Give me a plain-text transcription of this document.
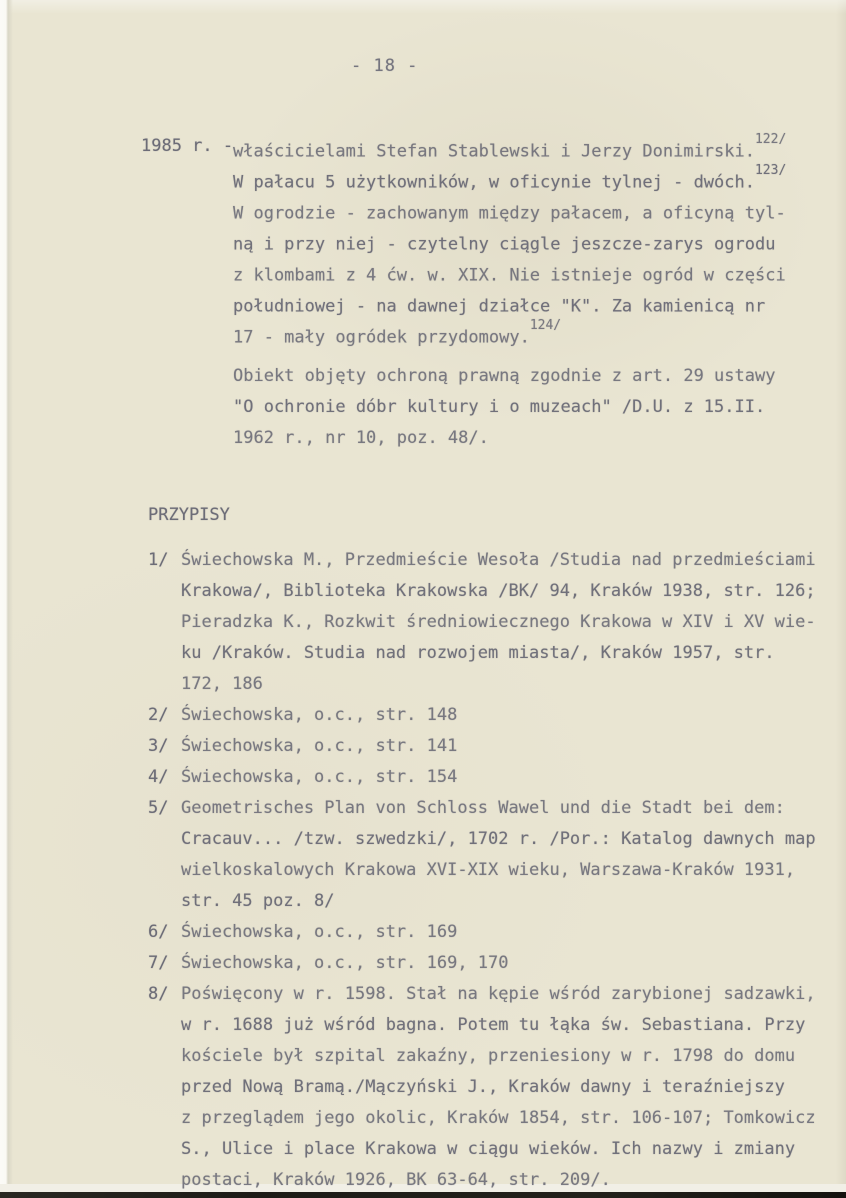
- 18 -
1985 r. - właścicielami Stefan Stablewski i Jerzy Donimirski.$^{122/}$
W pałacu 5 użytkowników, w oficynie tylnej - dwóch.$^{123/}$
W ogrodzie - zachowanym między pałacem, a oficyną tyl-
ną i przy niej - czytelny ciągle jeszcze-zarys ogrodu
z klombami z 4 ćw. w. XIX. Nie istnieje ogród w części
południowej - na dawnej działce "K". Za kamienicą nr
17 - mały ogródek przydomowy.$^{124/}$
Obiekt objęty ochroną prawną zgodnie z art. 29 ustawy
"O ochronie dóbr kultury i o muzeach" /D.U. z 15.II.
1962 r., nr 10, poz. 48/.
PRZYPISY
1/ Świechowska M., Przedmieście Wesoła /Studia nad przedmieściami
Krakowa/, Biblioteka Krakowska /BK/ 94, Kraków 1938, str. 126;
Pieradzka K., Rozkwit średniowiecznego Krakowa w XIV i XV wie-
ku /Kraków. Studia nad rozwojem miasta/, Kraków 1957, str.
172, 186
2/ Świechowska, o.c., str. 148
3/ Świechowska, o.c., str. 141
4/ Świechowska, o.c., str. 154
5/ Geometrisches Plan von Schloss Wawel und die Stadt bei dem:
Cracauv... /tzw. szwedzki/, 1702 r. /Por.: Katalog dawnych map
wielkoskalowych Krakowa XVI-XIX wieku, Warszawa-Kraków 1931,
str. 45 poz. 8/
6/ Świechowska, o.c., str. 169
7/ Świechowska, o.c., str. 169, 170
8/ Poświęcony w r. 1598. Stał na kępie wśród zarybionej sadzawki,
w r. 1688 już wśród bagna. Potem tu łąka św. Sebastiana. Przy
kościele był szpital zakaźny, przeniesiony w r. 1798 do domu
przed Nową Bramą./Mączyński J., Kraków dawny i teraźniejszy
z przeglądem jego okolic, Kraków 1854, str. 106-107; Tomkowicz
S., Ulice i place Krakowa w ciągu wieków. Ich nazwy i zmiany
postaci, Kraków 1926, BK 63-64, str. 209/.
